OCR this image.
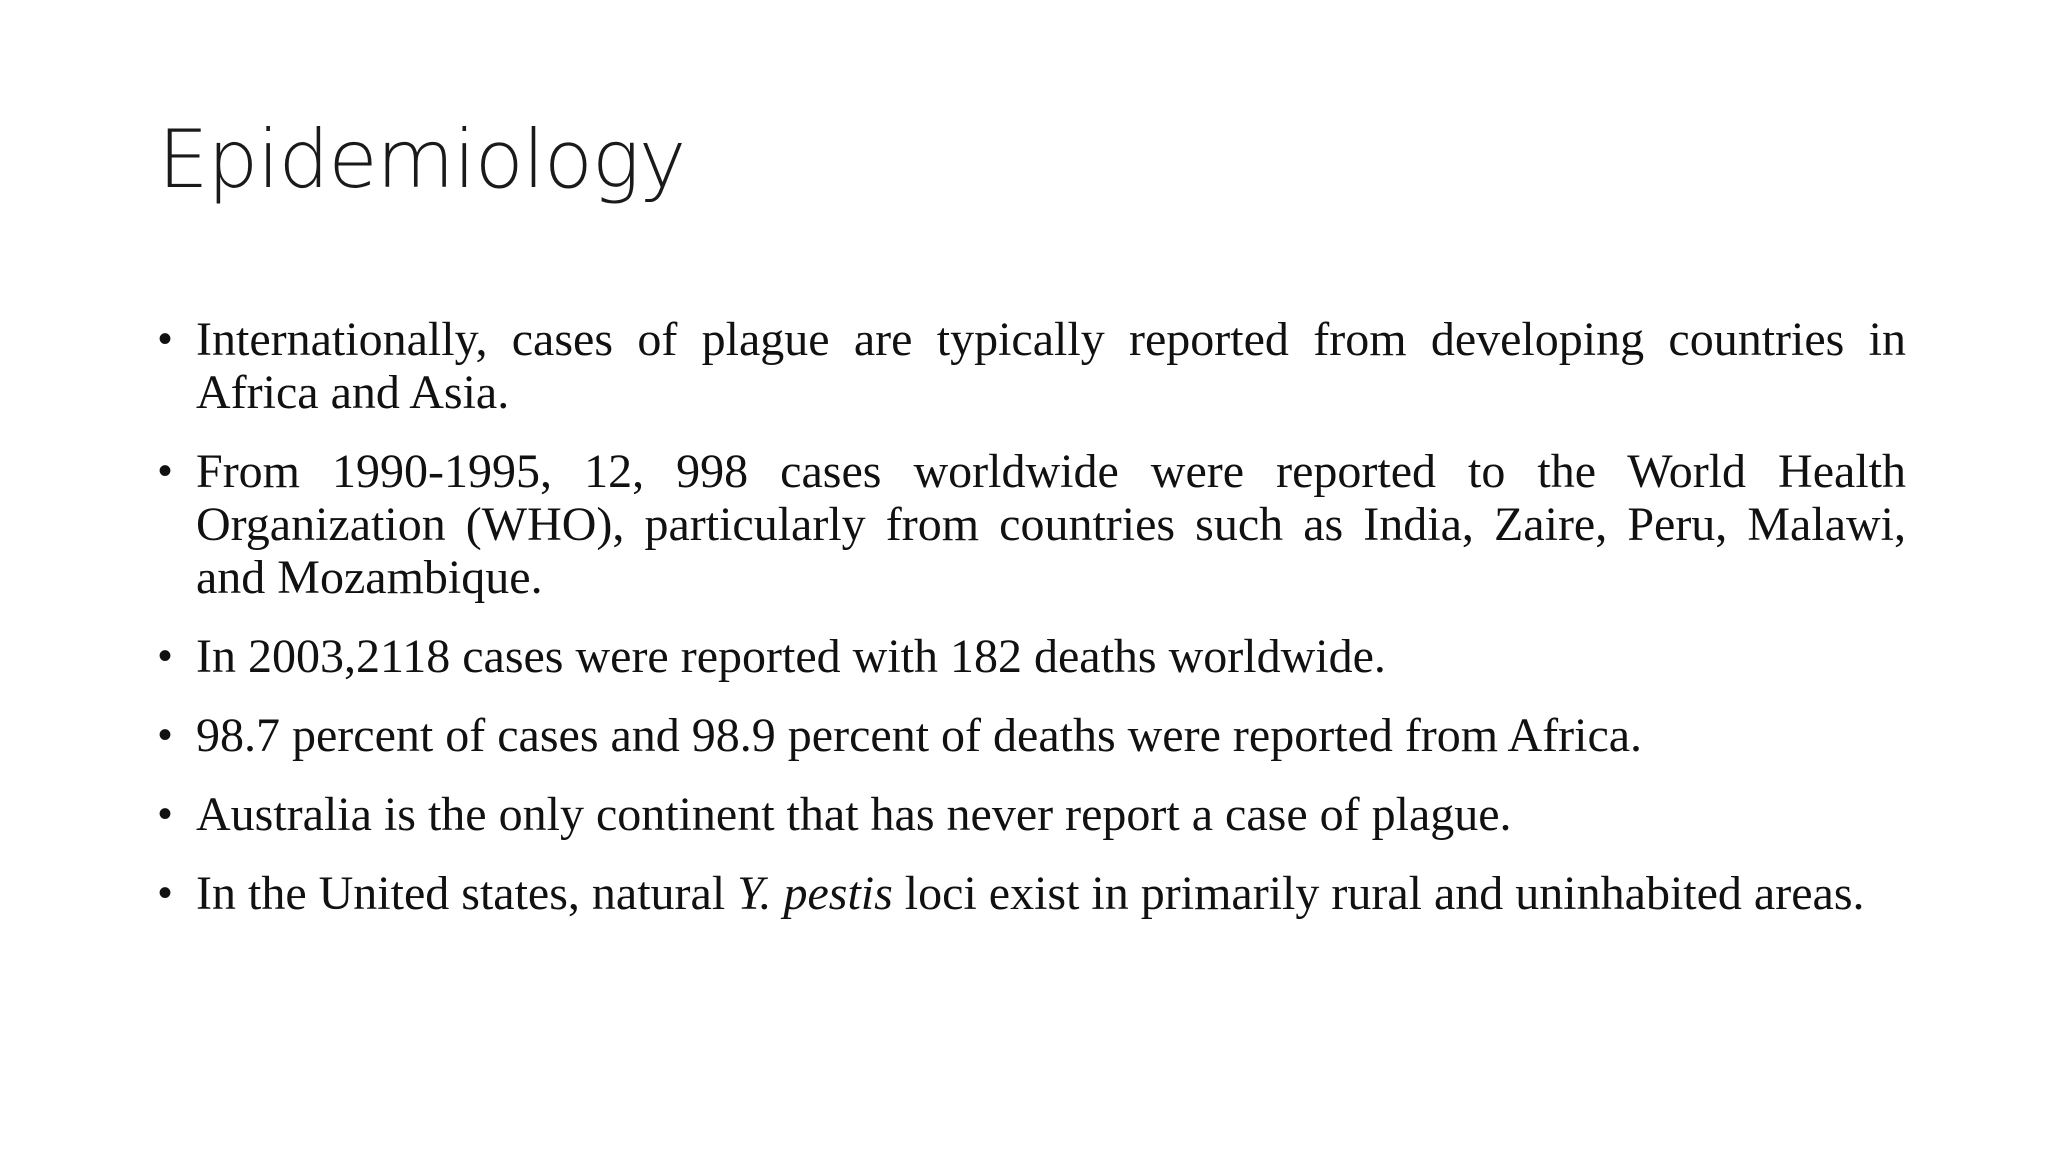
Epidemiology
• Internationally, cases of plague are typically reported from developing countries in Africa and Asia.
• From 1990-1995, 12, 998 cases worldwide were reported to the World Health Organization (WHO), particularly from countries such as India, Zaire, Peru, Malawi, and Mozambique.
• In 2003,2118 cases were reported with 182 deaths worldwide.
• 98.7 percent of cases and 98.9 percent of deaths were reported from Africa.
• Australia is the only continent that has never report a case of plague.
• In the United states, natural Y. pestis loci exist in primarily rural and uninhabited areas.
